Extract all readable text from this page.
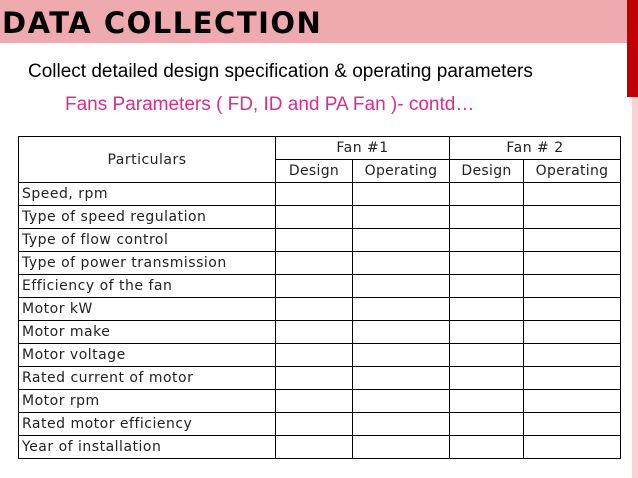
DATA COLLECTION
Collect detailed design specification & operating parameters
Fans Parameters ( FD, ID and PA Fan )- contd…
Particulars	Fan #1		Fan # 2	
	Design	Operating	Design	Operating
Speed, rpm				
Type of speed regulation				
Type of flow control				
Type of power transmission				
Efficiency of the fan				
Motor kW				
Motor make				
Motor voltage				
Rated current of motor				
Motor rpm				
Rated motor efficiency				
Year of installation				
